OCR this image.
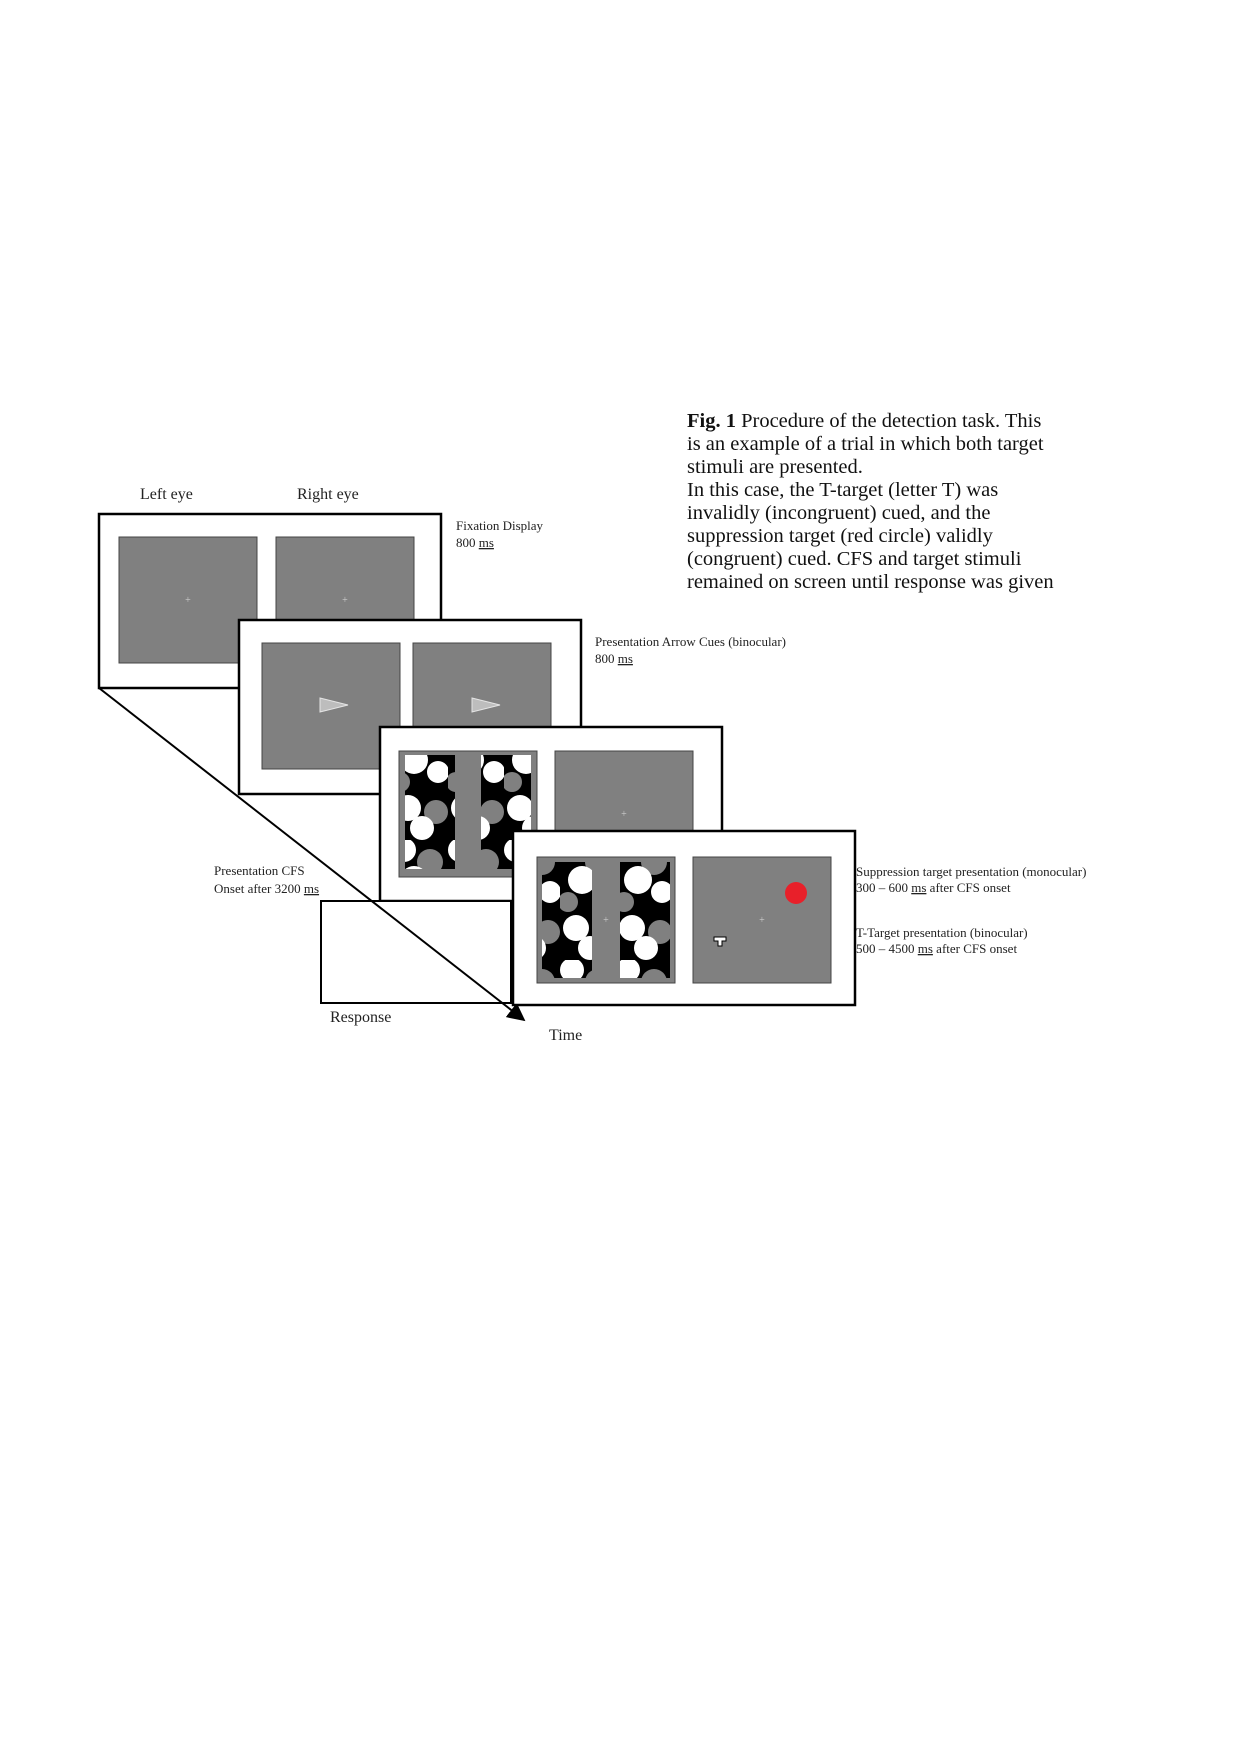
+	+
+
+	+
Left eye	Right eye
Fixation Display
800 ms
Presentation Arrow Cues (binocular)
800 ms
Presentation CFS
Onset after 3200 ms
Suppression target presentation (monocular)
300 – 600 ms after CFS onset
T-Target presentation (binocular)
500 – 4500 ms after CFS onset
Response
Time
Fig. 1 Procedure of the detection task. This
is an example of a trial in which both target
stimuli are presented.
In this case, the T-target (letter T) was
invalidly (incongruent) cued, and the
suppression target (red circle) validly
(congruent) cued. CFS and target stimuli
remained on screen until response was given
